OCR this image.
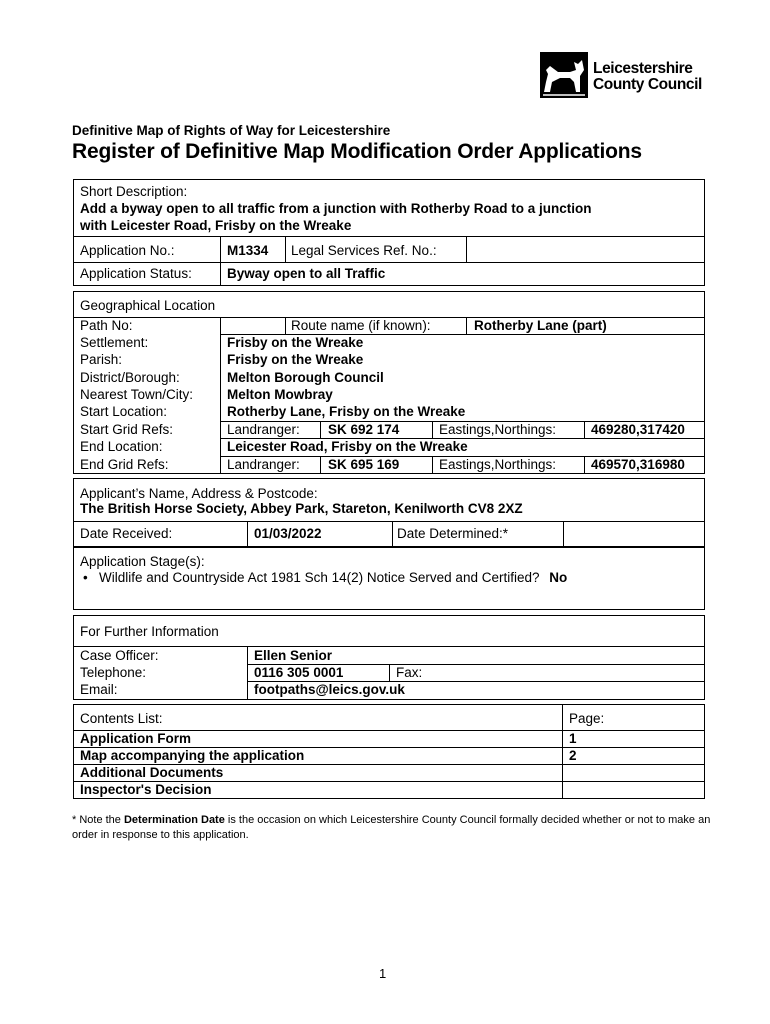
Leicestershire
County Council
Definitive Map of Rights of Way for Leicestershire
Register of Definitive Map Modification Order Applications
Short Description:
Add a byway open to all traffic from a junction with Rotherby Road to a junction
with Leicester Road, Frisby on the Wreake
Application No.:	M1334 Legal Services Ref. No.:
Application Status:	Byway open to all Traffic
Geographical Location
Path No:	Route name (if known):	Rotherby Lane (part)
Settlement:	Frisby on the Wreake
Parish:	Frisby on the Wreake
District/Borough:	Melton Borough Council
Nearest Town/City:	Melton Mowbray
Start Location:	Rotherby Lane, Frisby on the Wreake
Start Grid Refs:	Landranger: SK 692 174	Eastings,Northings:	469280,317420
End Location:	Leicester Road, Frisby on the Wreake
End Grid Refs:	Landranger: SK 695 169	Eastings,Northings:	469570,316980
Applicant’s Name, Address & Postcode:
The British Horse Society, Abbey Park, Stareton, Kenilworth CV8 2XZ
Date Received:	01/03/2022	Date Determined:*
Application Stage(s):
• Wildlife and Countryside Act 1981 Sch 14(2) Notice Served and Certified? No
For Further Information
Case Officer:	Ellen Senior
Telephone:	0116 305 0001	Fax:
Email:	footpaths@leics.gov.uk
Contents List:	Page:
Application Form	1
Map accompanying the application	2
Additional Documents
Inspector's Decision
* Note the Determination Date is the occasion on which Leicestershire County Council formally decided whether or not to make an order in response to this application.
1
